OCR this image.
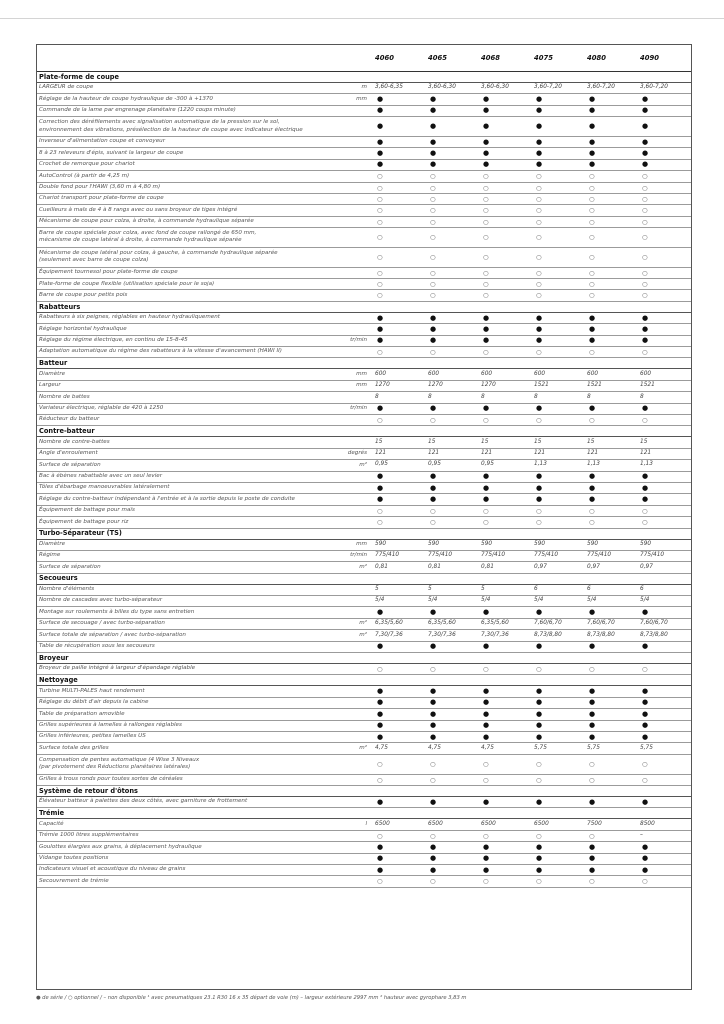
		4060	4065	4068	4075	4080	4090
Plate-forme de coupe							
LARGEUR de coupe	m	3,60-6,35	3,60-6,30	3,60-6,30	3,60-7,20	3,60-7,20	3,60-7,20
Réglage de la hauteur de coupe hydraulique de -300 à +1370	mm	●	●	●	●	●	●
Commande de la lame par engrenage planétaire (1220 coups minute)		●	●	●	●	●	●
Correction des déréfilements avec signalisation automatique de la pression sur le sol,
environnement des vibrations, présélection de la hauteur de coupe avec indicateur électrique		●	●	●	●	●	●
Inverseur d'alimentation coupe et convoyeur		●	●	●	●	●	●
8 à 23 releveurs d'épis, suivant la largeur de coupe		●	●	●	●	●	●
Crochet de remorque pour chariot		●	●	●	●	●	●
AutoControl (à partir de 4,25 m)		○	○	○	○	○	○
Double fond pour l'HAWI (3,60 m à 4,80 m)		○	○	○	○	○	○
Chariot transport pour plate-forme de coupe		○	○	○	○	○	○
Cueilleurs à maïs de 4 à 8 rangs avec ou sans broyeur de tiges intégré		○	○	○	○	○	○
Mécanisme de coupe pour colza, à droite, à commande hydraulique séparée		○	○	○	○	○	○
Barre de coupe spéciale pour colza, avec fond de coupe rallongé de 650 mm,
mécanisme de coupe latéral à droite, à commande hydraulique séparée		○	○	○	○	○	○
Mécanisme de coupe latéral pour colza, à gauche, à commande hydraulique séparée
(seulement avec barre de coupe colza)		○	○	○	○	○	○
Équipement tournesol pour plate-forme de coupe		○	○	○	○	○	○
Plate-forme de coupe flexible (utilisation spéciale pour le soja)		○	○	○	○	○	○
Barre de coupe pour petits pois		○	○	○	○	○	○
Rabatteurs							
Rabatteurs à six peignes, réglables en hauteur hydrauliquement		●	●	●	●	●	●
Réglage horizontal hydraulique		●	●	●	●	●	●
Réglage du régime électrique, en continu de 15-8-45	tr/min	●	●	●	●	●	●
Adaptation automatique du régime des rabatteurs à la vitesse d'avancement (HAWI II)		○	○	○	○	○	○
Batteur							
Diamètre	mm	600	600	600	600	600	600
Largeur	mm	1270	1270	1270	1521	1521	1521
Nombre de battes		8	8	8	8	8	8
Variateur électrique, réglable de 420 à 1250	tr/min	●	●	●	●	●	●
Réducteur du batteur		○	○	○	○	○	○
Contre-batteur							
Nombre de contre-battes		15	15	15	15	15	15
Angle d'enroulement	degrés	121	121	121	121	121	121
Surface de séparation	m²	0,95	0,95	0,95	1,13	1,13	1,13
Bac à ébènes rabattable avec un seul levier		●	●	●	●	●	●
Tôles d'ébarbage manoeuvrables latéralement		●	●	●	●	●	●
Réglage du contre-batteur indépendant à l'entrée et à la sortie depuis le poste de conduite		●	●	●	●	●	●
Équipement de battage pour maïs		○	○	○	○	○	○
Équipement de battage pour riz		○	○	○	○	○	○
Turbo-Séparateur (TS)							
Diamètre	mm	590	590	590	590	590	590
Régime	tr/min	775/410	775/410	775/410	775/410	775/410	775/410
Surface de séparation	m²	0,81	0,81	0,81	0,97	0,97	0,97
Secoueurs							
Nombre d'éléments		5	5	5	6	6	6
Nombre de cascades avec turbo-séparateur		5/4	5/4	5/4	5/4	5/4	5/4
Montage sur roulements à billes du type sans entretien		●	●	●	●	●	●
Surface de secouage / avec turbo-séparation	m²	6,35/5,60	6,35/5,60	6,35/5,60	7,60/6,70	7,60/6,70	7,60/6,70
Surface totale de séparation / avec turbo-séparation	m²	7,30/7,36	7,30/7,36	7,30/7,36	8,73/8,80	8,73/8,80	8,73/8,80
Table de récupération sous les secoueurs		●	●	●	●	●	●
Broyeur							
Broyeur de paille intégré à largeur d'épandage réglable		○	○	○	○	○	○
Nettoyage							
Turbine MULTI-PALES haut rendement		●	●	●	●	●	●
Réglage du débit d'air depuis la cabine		●	●	●	●	●	●
Table de préparation amovible		●	●	●	●	●	●
Grilles supérieures à lamelles à rallonges réglables		●	●	●	●	●	●
Grilles inférieures, petites lamelles US		●	●	●	●	●	●
Surface totale des grilles	m²	4,75	4,75	4,75	5,75	5,75	5,75
Compensation de pentes automatique (4 Wise 3 Niveaux
(par pivotement des Réductions planétaires latérales)		○	○	○	○	○	○
Grilles à trous ronds pour toutes sortes de céréales		○	○	○	○	○	○
Système de retour d'ôtons							
Élévateur batteur à palettes des deux côtés, avec garniture de frottement		●	●	●	●	●	●
Trémie							
Capacité	l	6500	6500	6500	6500	7500	8500
Trémie 1000 litres supplémentaires		○	○	○	○	○	–
Goulottes élargies aux grains, à déplacement hydraulique		●	●	●	●	●	●
Vidange toutes positions		●	●	●	●	●	●
Indicateurs visuel et acoustique du niveau de grains		●	●	●	●	●	●
Secouvrement de trémie		○	○	○	○	○	○
● de série / ○ optionnel / – non disponible ¹ avec pneumatiques 23.1 R30 16 x 35 départ de voie (m) – largeur extérieure 2997 mm ² hauteur avec gyrophare 3,83 m
